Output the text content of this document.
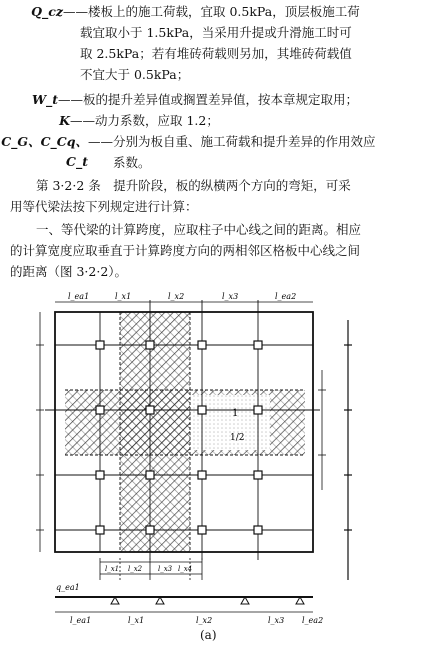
Q_cz ——楼板上的施工荷载，宜取 0.5kPa，顶层板施工荷
载宜取小于 1.5kPa，当采用升提或升滑施工时可
取 2.5kPa；若有堆砖荷载则另加，其堆砖荷载值
不宜大于 0.5kPa；
W_t ——板的提升差异值或搁置差异值，按本章规定取用；
K ——动力系数，应取 1.2；
C_G、C_Cq、C_t
——分别为板自重、施工荷载和提升差异的作用效应
系数。
第 3·2·2 条　提升阶段，板的纵横两个方向的弯矩，可采
用等代梁法按下列规定进行计算：
一、等代梁的计算跨度，应取柱子中心线之间的距离。相应
的计算宽度应取垂直于计算跨度方向的两相邻区格板中心线之间
的距离（图 3·2·2）。
1
1/2
l_ea1	l_x1	l_x2	l_x3	l_ea2
l_x1 l_x2 l_x3 l_x4
q_ea1
l_ea1	l_x1	l_x2	l_x3 l_ea2
(a)
